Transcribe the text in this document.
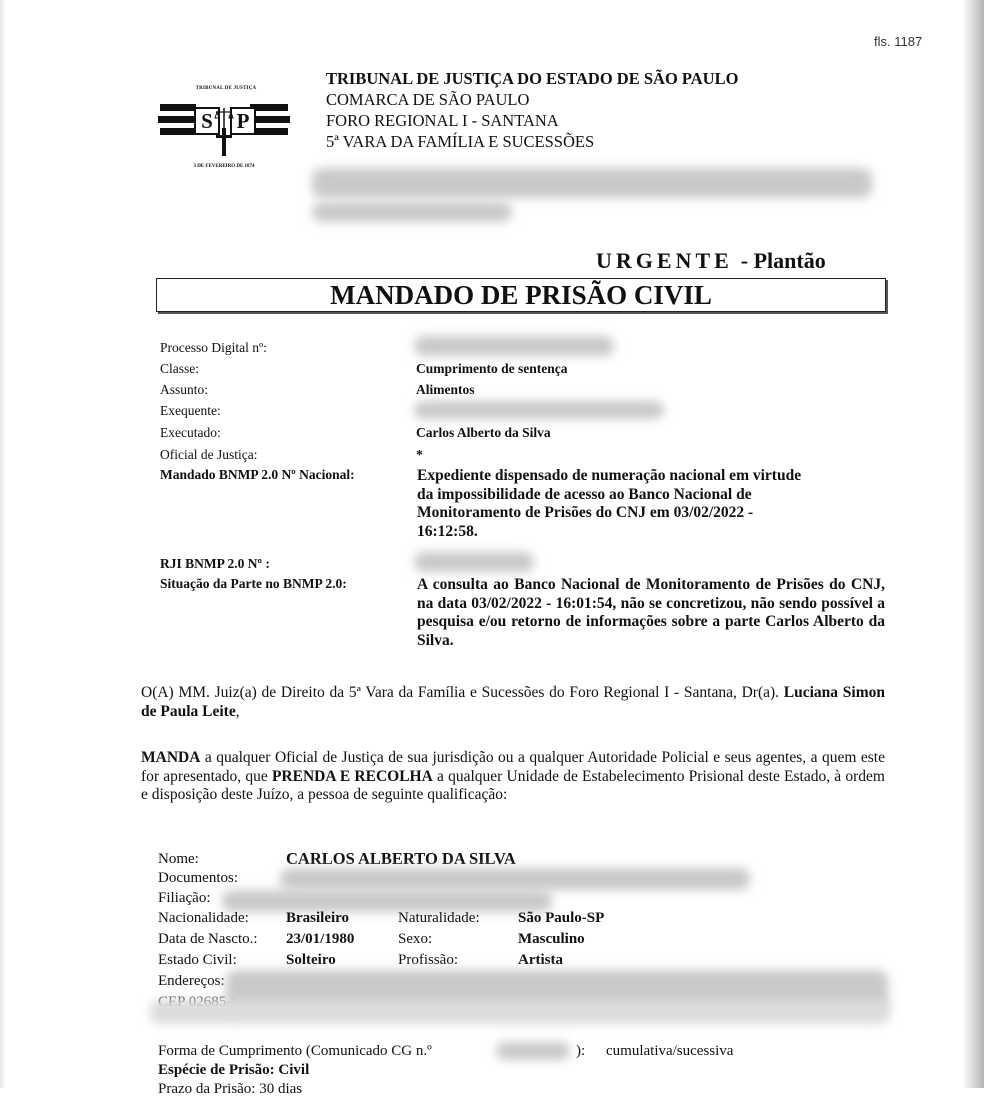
fls. 1187
TRIBUNAL DE JUSTIÇA
S	P
3 DE FEVEREIRO DE 1874
TRIBUNAL DE JUSTIÇA DO ESTADO DE SÃO PAULO
COMARCA DE SÃO PAULO
FORO REGIONAL I - SANTANA
5ª VARA DA FAMÍLIA E SUCESSÕES
URGENTE - Plantão
MANDADO DE PRISÃO CIVIL
Processo Digital nº:
Classe:	Cumprimento de sentença
Assunto:	Alimentos
Exequente:
Executado:	Carlos Alberto da Silva
Oficial de Justiça:	*
Mandado BNMP 2.0 Nº Nacional:	Expediente dispensado de numeração nacional em virtude
da impossibilidade de acesso ao Banco Nacional de
Monitoramento de Prisões do CNJ em 03/02/2022 -
16:12:58.
RJI BNMP 2.0 Nº :
Situação da Parte no BNMP 2.0:	A consulta ao Banco Nacional de Monitoramento de Prisões do CNJ, na data 03/02/2022 - 16:01:54, não se concretizou, não sendo possível a pesquisa e/ou retorno de informações sobre a parte Carlos Alberto da Silva.
O(A) MM. Juiz(a) de Direito da 5ª Vara da Família e Sucessões do Foro Regional I - Santana, Dr(a). Luciana Simon de Paula Leite,
MANDA a qualquer Oficial de Justiça de sua jurisdição ou a qualquer Autoridade Policial e seus agentes, a quem este for apresentado, que PRENDA E RECOLHA a qualquer Unidade de Estabelecimento Prisional deste Estado, à ordem e disposição deste Juízo, a pessoa de seguinte qualificação:
Nome:	CARLOS ALBERTO DA SILVA
Documentos:
Filiação:
Nacionalidade: Brasileiro	Naturalidade:	São Paulo-SP
Data de Nascto.: 23/01/1980	Sexo:	Masculino
Estado Civil:	Solteiro	Profissão:	Artista
Endereços:
Forma de Cumprimento (Comunicado CG n.º	): cumulativa/sucessiva
Espécie de Prisão: Civil
Prazo da Prisão: 30 dias
